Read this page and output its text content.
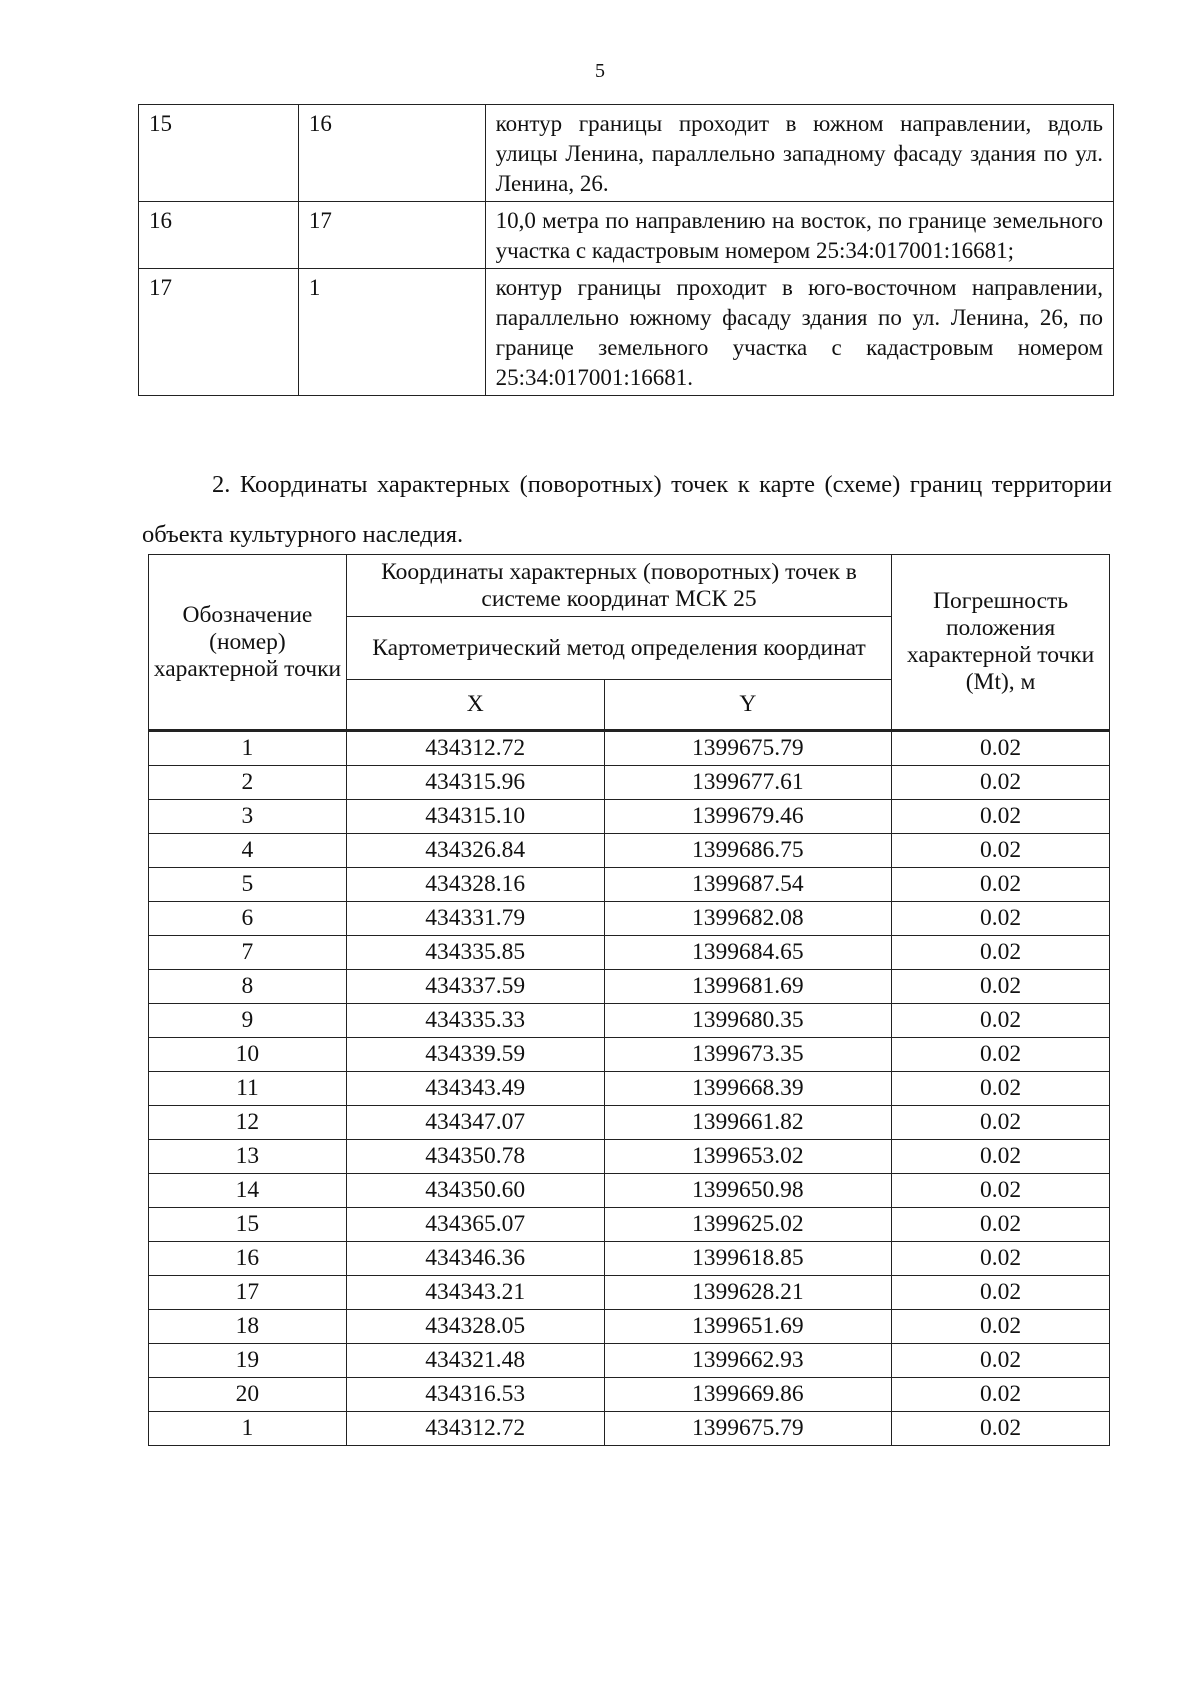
5
15	16	контур границы проходит в южном направлении, вдоль улицы Ленина, параллельно западному фасаду здания по ул. Ленина, 26.
16	17	10,0 метра по направлению на восток, по границе земельного участка с кадастровым номером 25:34:017001:16681;
17	1	контур границы проходит в юго-восточном направлении, параллельно южному фасаду здания по ул. Ленина, 26, по границе земельного участка с кадастровым номером 25:34:017001:16681.

2. Координаты характерных (поворотных) точек к карте (схеме) границ территории объекта культурного наследия.

Обозначение (номер) характерной точки	Координаты характерных (поворотных) точек в системе координат МСК 25		Погрешность положения характерной точки (Mt), м
	Картометрический метод определения координат		
	X	Y	
1	434312.72	1399675.79	0.02
2	434315.96	1399677.61	0.02
3	434315.10	1399679.46	0.02
4	434326.84	1399686.75	0.02
5	434328.16	1399687.54	0.02
6	434331.79	1399682.08	0.02
7	434335.85	1399684.65	0.02
8	434337.59	1399681.69	0.02
9	434335.33	1399680.35	0.02
10	434339.59	1399673.35	0.02
11	434343.49	1399668.39	0.02
12	434347.07	1399661.82	0.02
13	434350.78	1399653.02	0.02
14	434350.60	1399650.98	0.02
15	434365.07	1399625.02	0.02
16	434346.36	1399618.85	0.02
17	434343.21	1399628.21	0.02
18	434328.05	1399651.69	0.02
19	434321.48	1399662.93	0.02
20	434316.53	1399669.86	0.02
1	434312.72	1399675.79	0.02
